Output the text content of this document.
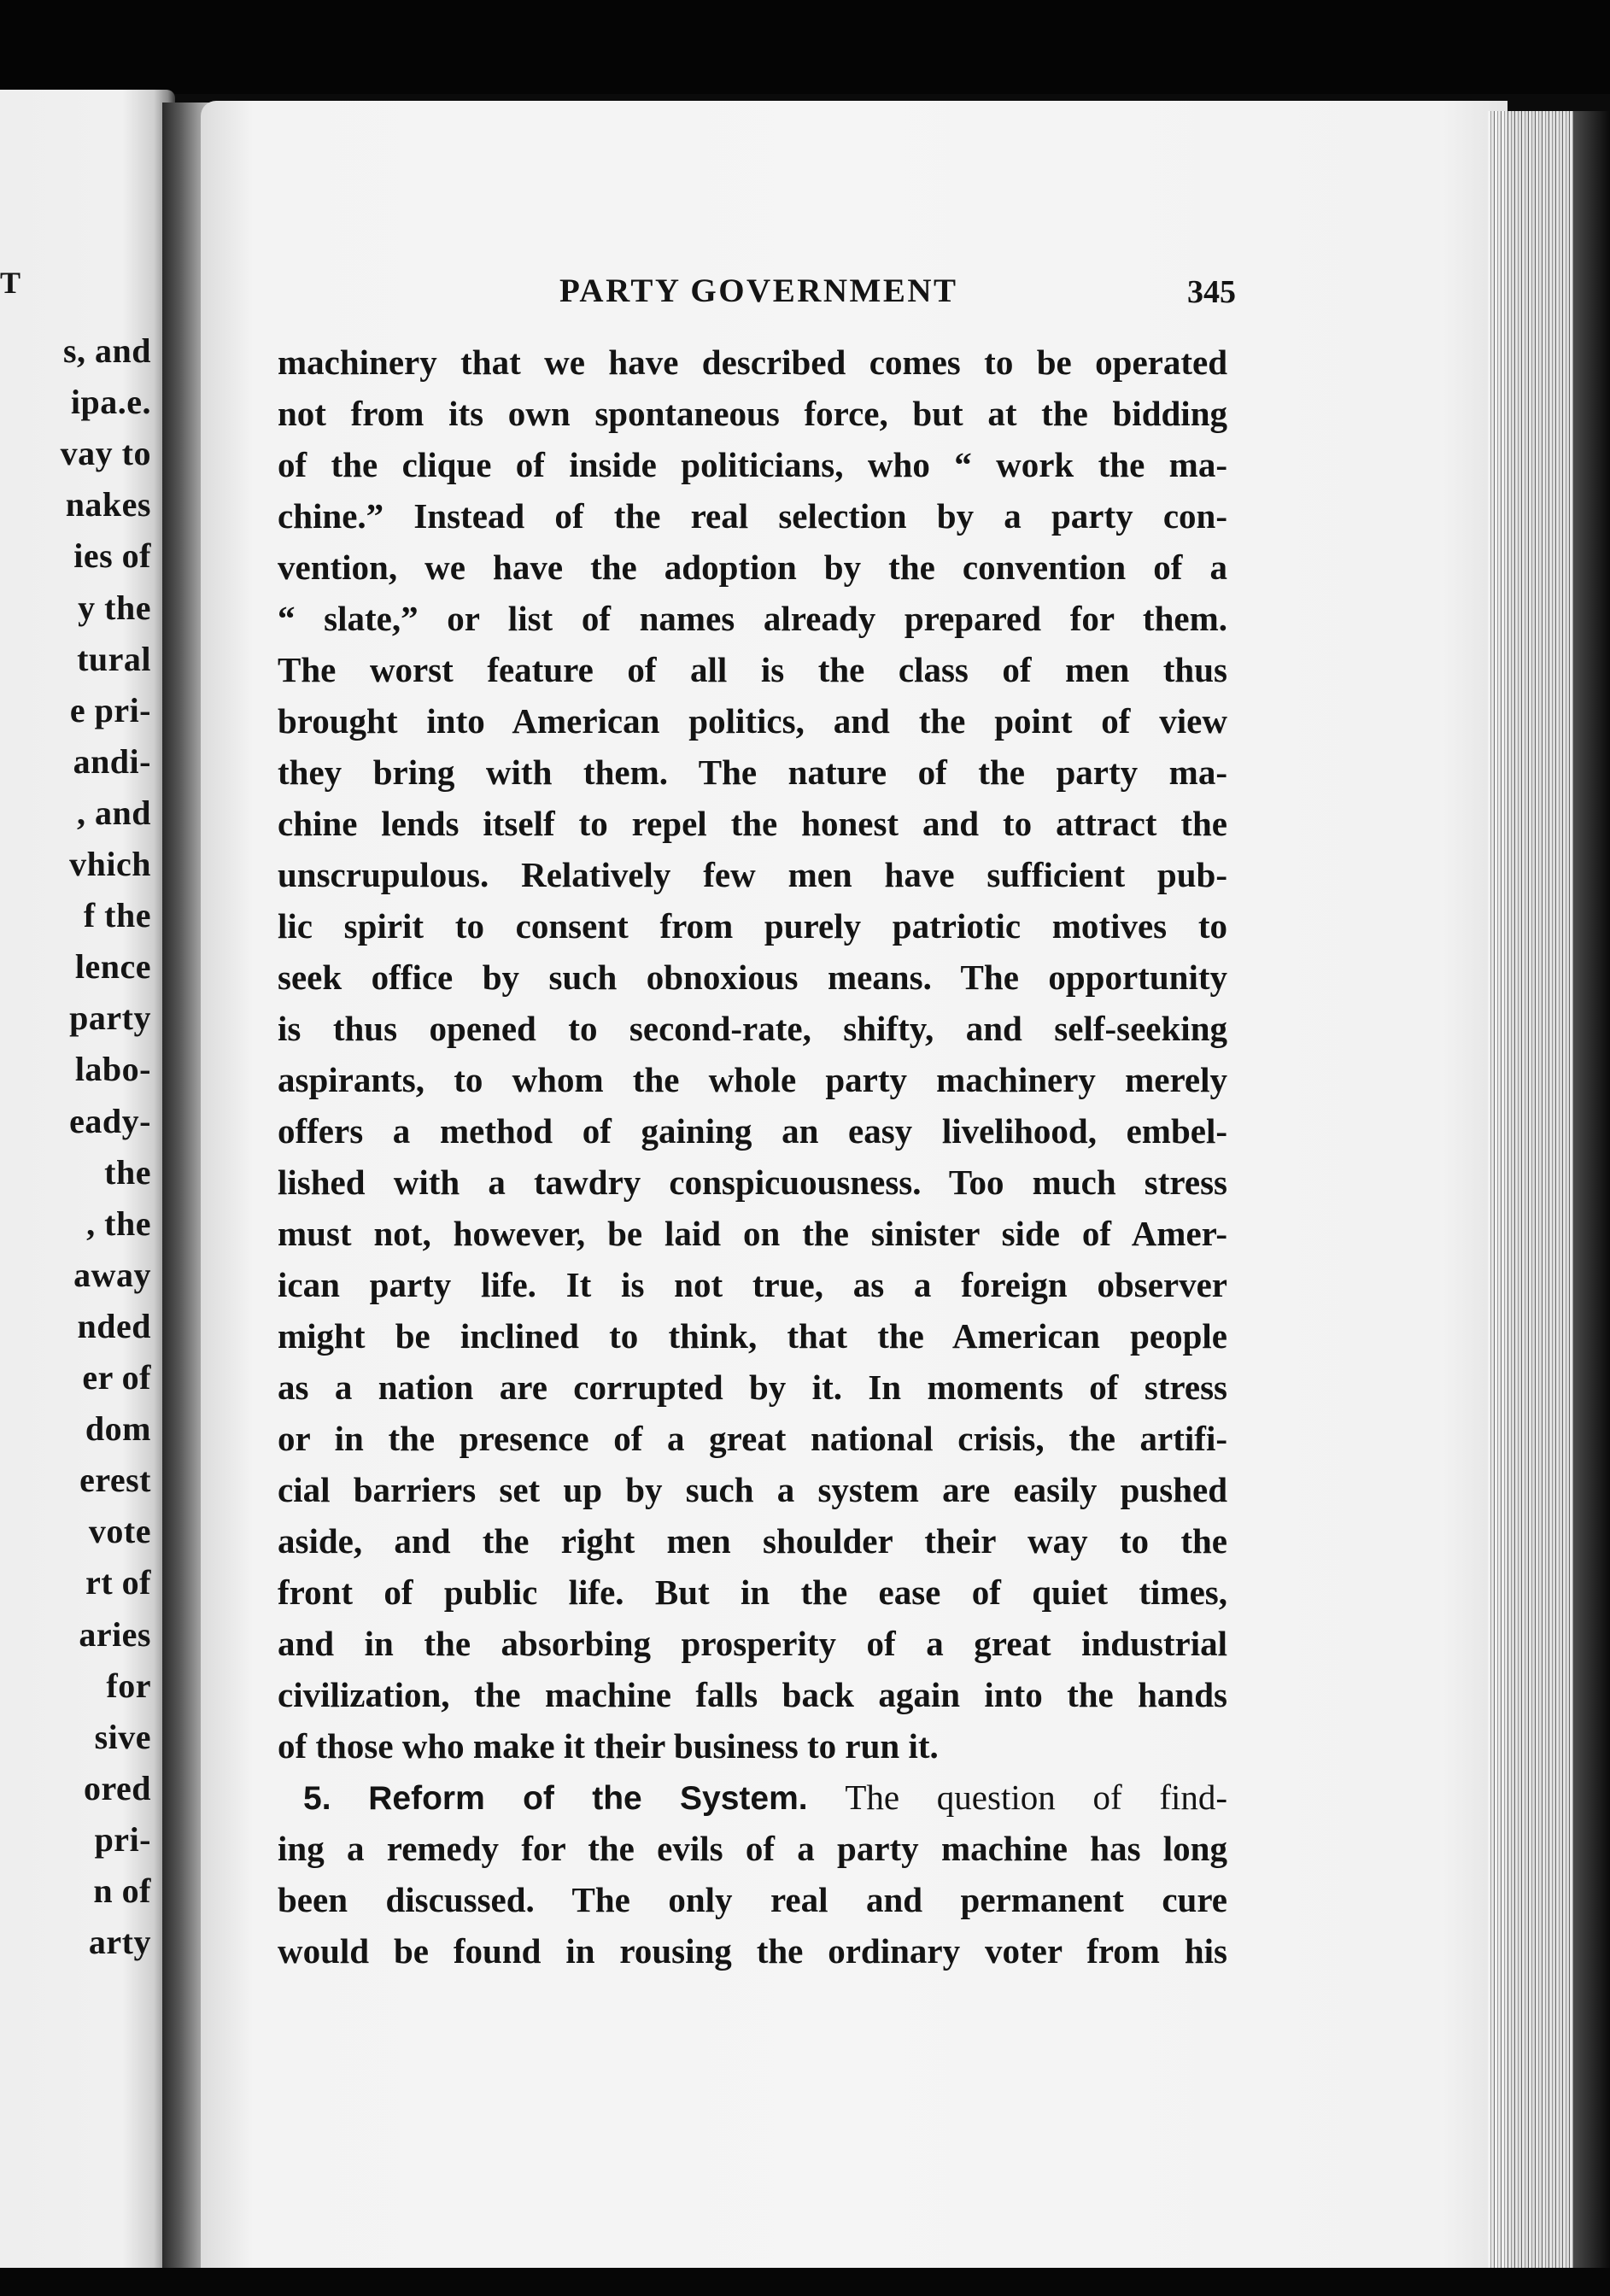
T
s, and
ipa.e.
vay to
nakes
ies of
y the
tural
e pri-
andi-
, and
vhich
f the
lence
party
labo-
eady-
the
, the
away
nded
er of
dom
erest
vote
rt of
aries
for
sive
ored
pri-
n of
arty
PARTY GOVERNMENT	345
machinery that we have described comes to be operated
not from its own spontaneous force, but at the bidding
of the clique of inside politicians, who “ work the ma-
chine.” Instead of the real selection by a party con-
vention, we have the adoption by the convention of a
“ slate,” or list of names already prepared for them.
The worst feature of all is the class of men thus
brought into American politics, and the point of view
they bring with them. The nature of the party ma-
chine lends itself to repel the honest and to attract the
unscrupulous. Relatively few men have sufficient pub-
lic spirit to consent from purely patriotic motives to
seek office by such obnoxious means. The opportunity
is thus opened to second-rate, shifty, and self-seeking
aspirants, to whom the whole party machinery merely
offers a method of gaining an easy livelihood, embel-
lished with a tawdry conspicuousness. Too much stress
must not, however, be laid on the sinister side of Amer-
ican party life. It is not true, as a foreign observer
might be inclined to think, that the American people
as a nation are corrupted by it. In moments of stress
or in the presence of a great national crisis, the artifi-
cial barriers set up by such a system are easily pushed
aside, and the right men shoulder their way to the
front of public life. But in the ease of quiet times,
and in the absorbing prosperity of a great industrial
civilization, the machine falls back again into the hands
of those who make it their business to run it.
5. Reform of the System. The question of find-
ing a remedy for the evils of a party machine has long
been discussed. The only real and permanent cure
would be found in rousing the ordinary voter from his
